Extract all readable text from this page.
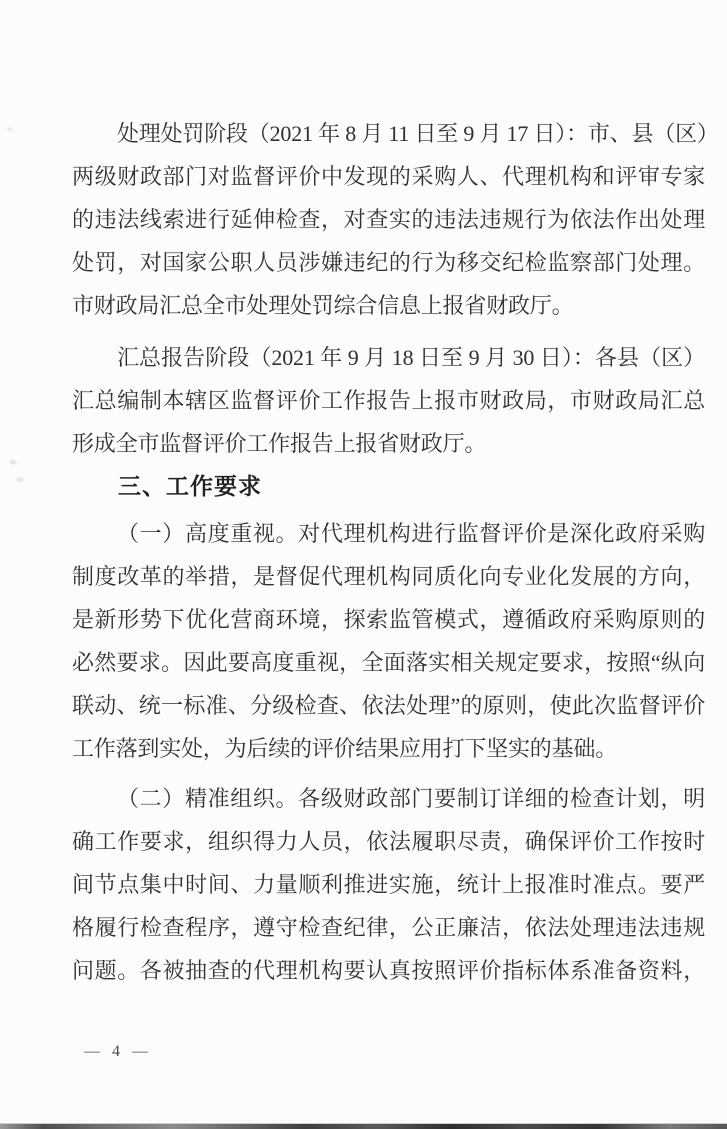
处理处罚阶段（2021 年 8 月 11 日至 9 月 17 日）：市、县（区）
两级财政部门对监督评价中发现的采购人、代理机构和评审专家
的违法线索进行延伸检查，对查实的违法违规行为依法作出处理
处罚，对国家公职人员涉嫌违纪的行为移交纪检监察部门处理。
市财政局汇总全市处理处罚综合信息上报省财政厅。
汇总报告阶段（2021 年 9 月 18 日至 9 月 30 日）：各县（区）
汇总编制本辖区监督评价工作报告上报市财政局，市财政局汇总
形成全市监督评价工作报告上报省财政厅。
三、工作要求
（一）高度重视。对代理机构进行监督评价是深化政府采购
制度改革的举措，是督促代理机构同质化向专业化发展的方向，
是新形势下优化营商环境，探索监管模式，遵循政府采购原则的
必然要求。因此要高度重视，全面落实相关规定要求，按照“纵向
联动、统一标准、分级检查、依法处理”的原则，使此次监督评价
工作落到实处，为后续的评价结果应用打下坚实的基础。
（二）精准组织。各级财政部门要制订详细的检查计划，明
确工作要求，组织得力人员，依法履职尽责，确保评价工作按时
间节点集中时间、力量顺利推进实施，统计上报准时准点。要严
格履行检查程序，遵守检查纪律，公正廉洁，依法处理违法违规
问题。各被抽查的代理机构要认真按照评价指标体系准备资料，
— 4 —
